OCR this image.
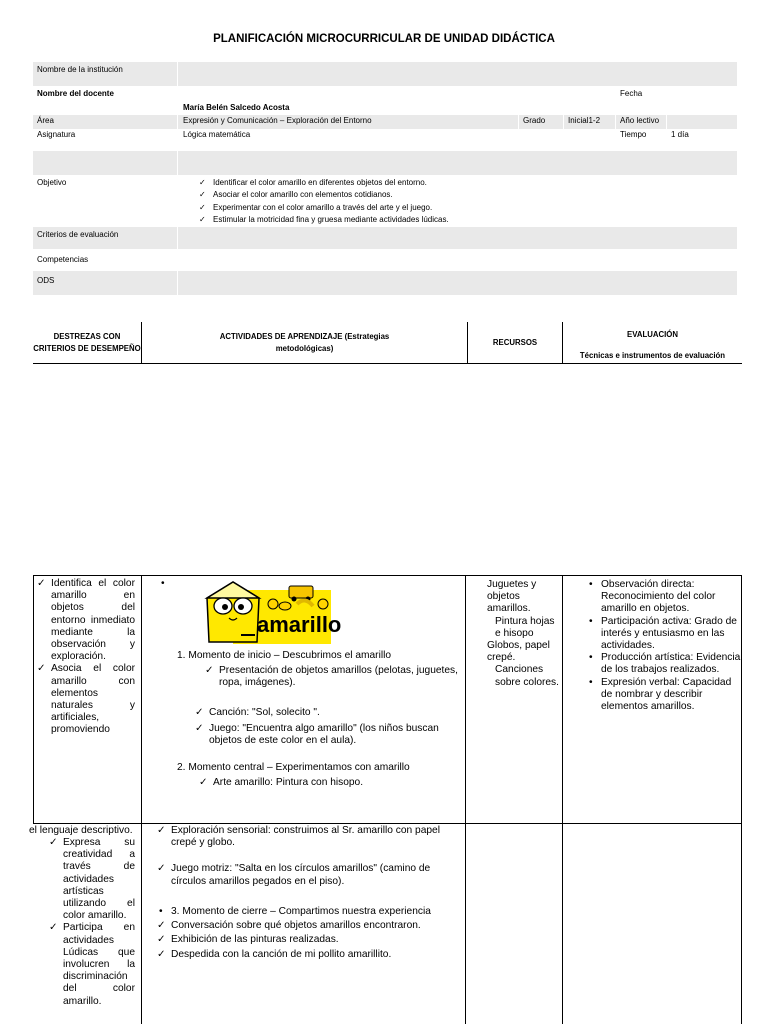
PLANIFICACIÓN MICROCURRICULAR DE UNIDAD DIDÁCTICA
Nombre de la institución
Nombre del docente
María Belén Salcedo Acosta
Fecha
Área	Expresión y Comunicación – Exploración del Entorno	Grado	Inicial1-2	Año lectivo
Asignatura	Lógica matemática	Tiempo	1 día
Objetivo
✓	Identificar el color amarillo en diferentes objetos del entorno.
✓ Asociar el color amarillo con elementos cotidianos.
✓ Experimentar con el color amarillo a través del arte y el juego.
✓ Estimular la motricidad fina y gruesa mediante actividades lúdicas.
Criterios de evaluación
Competencias
ODS
DESTREZAS CON CRITERIOS DE DESEMPEÑO
ACTIVIDADES DE APRENDIZAJE (Estrategias metodológicas)
RECURSOS
EVALUACIÓN
Técnicas e instrumentos de evaluación
✓ Identifica el color amarillo en objetos del entorno inmediato mediante la observación y exploración.
✓ Asocia el color amarillo con elementos naturales y artificiales, promoviendo
el lenguaje descriptivo.
✓ Expresa su creatividad a través de actividades artísticas utilizando el color amarillo.
✓ Participa en actividades Lúdicas que involucren la discriminación del color amarillo.
•
amarillo
1. Momento de inicio – Descubrimos el amarillo
✓ Presentación de objetos amarillos (pelotas, juguetes, ropa, imágenes).
✓ Canción: "Sol, solecito ".
✓ Juego: "Encuentra algo amarillo" (los niños buscan objetos de este color en el aula).
2. Momento central – Experimentamos con amarillo
✓ Arte amarillo: Pintura con hisopo.
✓ Exploración sensorial: construimos al Sr. amarillo con papel crepé y globo.
✓ Juego motriz: "Salta en los círculos amarillos" (camino de círculos amarillos pegados en el piso).
• 3. Momento de cierre – Compartimos nuestra experiencia
✓ Conversación sobre qué objetos amarillos encontraron.
✓ Exhibición de las pinturas realizadas.
✓ Despedida con la canción de mi pollito amarillito.
Juguetes y objetos amarillos.
Pintura hojas e hisopo
Globos, papel crepé.
Canciones sobre colores.
• Observación directa: Reconocimiento del color amarillo en objetos.
• Participación activa: Grado de interés y entusiasmo en las actividades.
• Producción artística: Evidencia de los trabajos realizados.
• Expresión verbal: Capacidad de nombrar y describir elementos amarillos.
